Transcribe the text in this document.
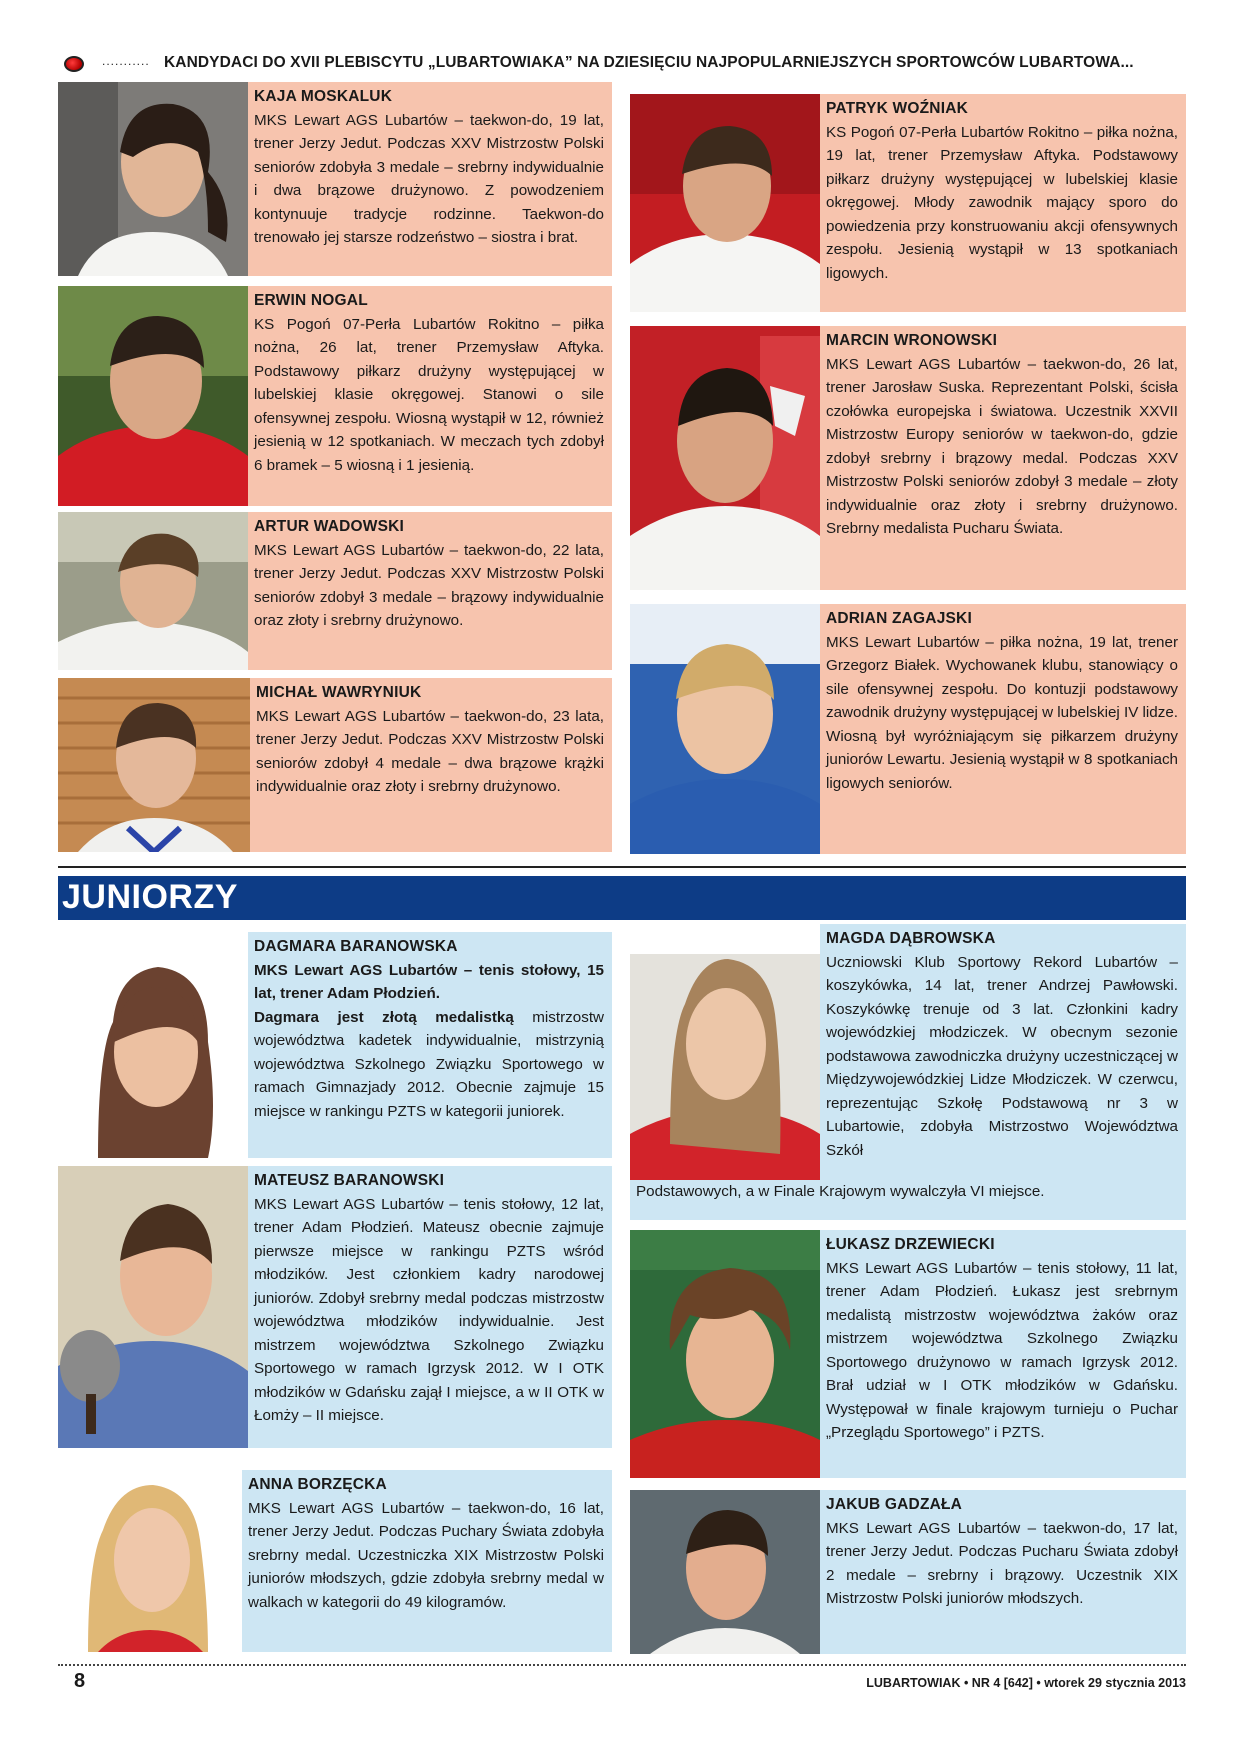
........... KANDYDACI DO XVII PLEBISCYTU „LUBARTOWIAKA” NA DZIESIĘCIU NAJPOPULARNIEJSZYCH SPORTOWCÓW LUBARTOWA...
KAJA MOSKALUK
MKS Lewart AGS Lubartów – taekwon-do, 19 lat, trener Jerzy Jedut. Podczas XXV Mistrzostw Polski seniorów zdobyła 3 medale – srebrny indywidualnie i dwa brązowe drużynowo. Z powodzeniem kontynuuje tradycje rodzinne. Taekwon-do trenowało jej starsze rodzeństwo – siostra i brat.
ERWIN NOGAL
KS Pogoń 07-Perła Lubartów Rokitno – piłka nożna, 26 lat, trener Przemysław Aftyka. Podstawowy piłkarz drużyny występującej w lubelskiej klasie okręgowej. Stanowi o sile ofensywnej zespołu. Wiosną wystąpił w 12, również jesienią w 12 spotkaniach. W meczach tych zdobył 6 bramek – 5 wiosną i 1 jesienią.
ARTUR WADOWSKI
MKS Lewart AGS Lubartów – taekwon-do, 22 lata, trener Jerzy Jedut. Podczas XXV Mistrzostw Polski seniorów zdobył 3 medale – brązowy indywidualnie oraz złoty i srebrny drużynowo.
MICHAŁ WAWRYNIUK
MKS Lewart AGS Lubartów – taekwon-do, 23 lata, trener Jerzy Jedut. Podczas XXV Mistrzostw Polski seniorów zdobył 4 medale – dwa brązowe krążki indywidualnie oraz złoty i srebrny drużynowo.
PATRYK WOŹNIAK
KS Pogoń 07-Perła Lubartów Rokitno – piłka nożna, 19 lat, trener Przemysław Aftyka. Podstawowy piłkarz drużyny występującej w lubelskiej klasie okręgowej. Młody zawodnik mający sporo do powiedzenia przy konstruowaniu akcji ofensywnych zespołu. Jesienią wystąpił w 13 spotkaniach ligowych.
MARCIN WRONOWSKI
MKS Lewart AGS Lubartów – taekwon-do, 26 lat, trener Jarosław Suska. Reprezentant Polski, ścisła czołówka europejska i światowa. Uczestnik XXVII Mistrzostw Europy seniorów w taekwon-do, gdzie zdobył srebrny i brązowy medal. Podczas XXV Mistrzostw Polski seniorów zdobył 3 medale – złoty indywidualnie oraz złoty i srebrny drużynowo. Srebrny medalista Pucharu Świata.
ADRIAN ZAGAJSKI
MKS Lewart Lubartów – piłka nożna, 19 lat, trener Grzegorz Białek. Wychowanek klubu, stanowiący o sile ofensywnej zespołu. Do kontuzji podstawowy zawodnik drużyny występującej w lubelskiej IV lidze. Wiosną był wyróżniającym się piłkarzem drużyny juniorów Lewartu. Jesienią wystąpił w 8 spotkaniach ligowych seniorów.
JUNIORZY
DAGMARA BARANOWSKA
MKS Lewart AGS Lubartów – tenis stołowy, 15 lat, trener Adam Płodzień.
Dagmara jest złotą medalistką mistrzostw województwa kadetek indywidualnie, mistrzynią województwa Szkolnego Związku Sportowego w ramach Gimnazjady 2012. Obecnie zajmuje 15 miejsce w rankingu PZTS w kategorii juniorek.
MATEUSZ BARANOWSKI
MKS Lewart AGS Lubartów – tenis stołowy, 12 lat, trener Adam Płodzień. Mateusz obecnie zajmuje pierwsze miejsce w rankingu PZTS wśród młodzików. Jest członkiem kadry narodowej juniorów. Zdobył srebrny medal podczas mistrzostw województwa młodzików indywidualnie. Jest mistrzem województwa Szkolnego Związku Sportowego w ramach Igrzysk 2012. W I OTK młodzików w Gdańsku zajął I miejsce, a w II OTK w Łomży – II miejsce.
ANNA BORZĘCKA
MKS Lewart AGS Lubartów – taekwon-do, 16 lat, trener Jerzy Jedut. Podczas Puchary Świata zdobyła srebrny medal. Uczestniczka XIX Mistrzostw Polski juniorów młodszych, gdzie zdobyła srebrny medal w walkach w kategorii do 49 kilogramów.
MAGDA DĄBROWSKA
Uczniowski Klub Sportowy Rekord Lubartów – koszykówka, 14 lat, trener Andrzej Pawłowski. Koszykówkę trenuje od 3 lat. Członkini kadry wojewódzkiej młodziczek. W obecnym sezonie podstawowa zawodniczka drużyny uczestniczącej w Międzywojewódzkiej Lidze Młodziczek. W czerwcu, reprezentując Szkołę Podstawową nr 3 w Lubartowie, zdobyła Mistrzostwo Województwa Szkół
Podstawowych, a w Finale Krajowym wywalczyła VI miejsce.
ŁUKASZ DRZEWIECKI
MKS Lewart AGS Lubartów – tenis stołowy, 11 lat, trener Adam Płodzień. Łukasz jest srebrnym medalistą mistrzostw województwa żaków oraz mistrzem województwa Szkolnego Związku Sportowego drużynowo w ramach Igrzysk 2012. Brał udział w I OTK młodzików w Gdańsku. Występował w finale krajowym turnieju o Puchar „Przeglądu Sportowego” i PZTS.
JAKUB GADZAŁA
MKS Lewart AGS Lubartów – taekwon-do, 17 lat, trener Jerzy Jedut. Podczas Pucharu Świata zdobył 2 medale – srebrny i brązowy. Uczestnik XIX Mistrzostw Polski juniorów młodszych.
8	LUBARTOWIAK • NR 4 [642] • wtorek 29 stycznia 2013
